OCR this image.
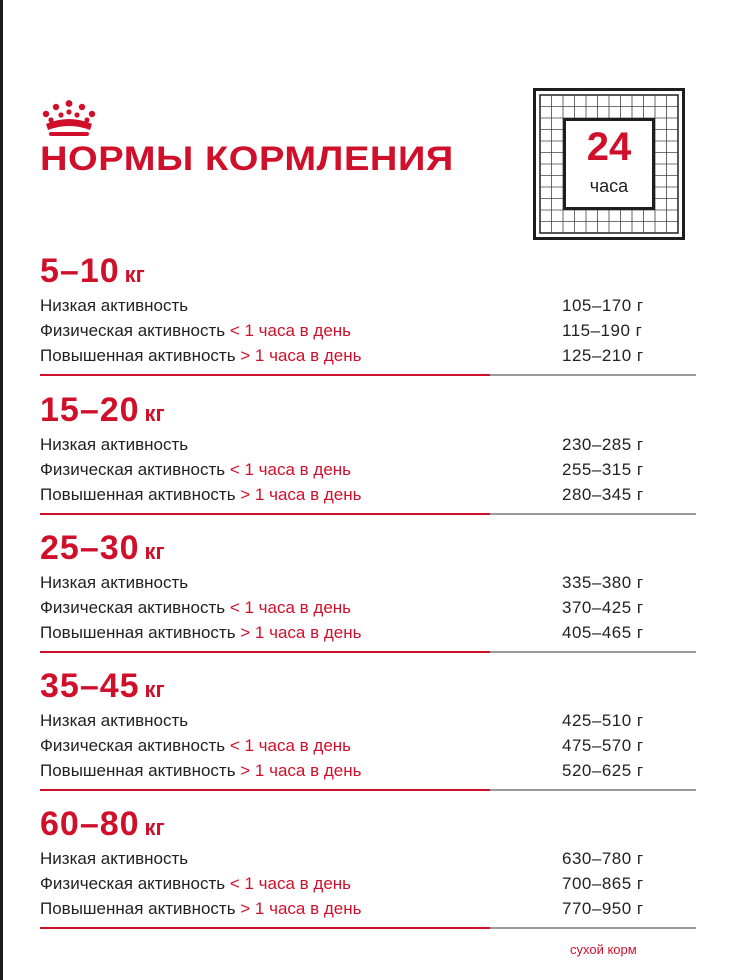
НОРМЫ КОРМЛЕНИЯ	24
часа
5–10 кг
Низкая активность	105–170 г
Физическая активность < 1 часа в день	115–190 г
Повышенная активность > 1 часа в день	125–210 г
15–20 кг
Низкая активность	230–285 г
Физическая активность < 1 часа в день	255–315 г
Повышенная активность > 1 часа в день	280–345 г
25–30 кг
Низкая активность	335–380 г
Физическая активность < 1 часа в день	370–425 г
Повышенная активность > 1 часа в день	405–465 г
35–45 кг
Низкая активность	425–510 г
Физическая активность < 1 часа в день	475–570 г
Повышенная активность > 1 часа в день	520–625 г
60–80 кг
Низкая активность	630–780 г
Физическая активность < 1 часа в день	700–865 г
Повышенная активность > 1 часа в день	770–950 г
сухой корм
